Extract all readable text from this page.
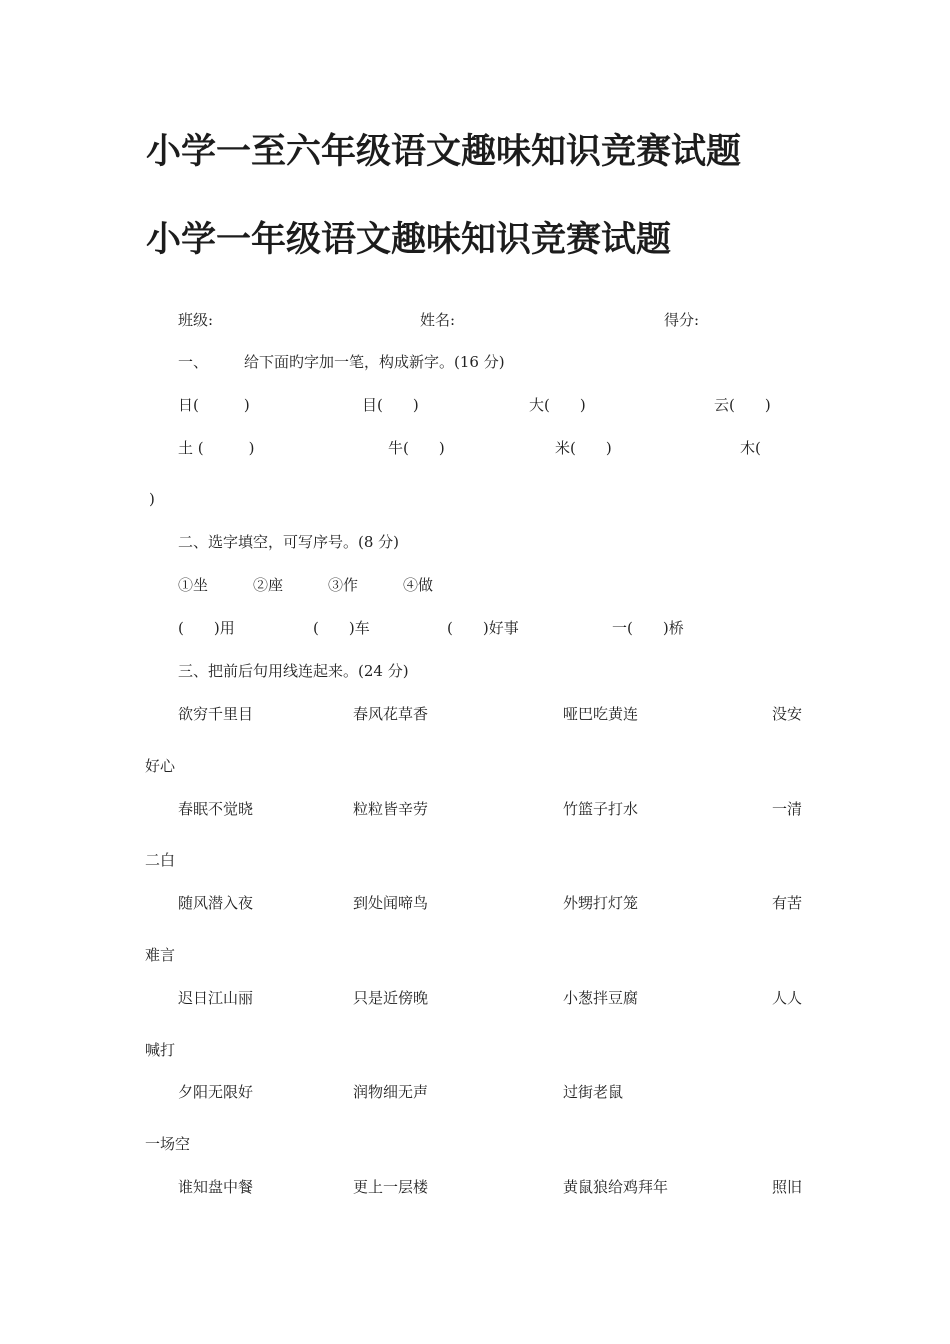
小学一至六年级语文趣味知识竞赛试题
小学一年级语文趣味知识竞赛试题
班级:	姓名:	得分:
一、 给下面旳字加一笔，构成新字。(16 分)
日(　　　)	目(　　)	大(　　)	云(　　)
土 (　　　)	牛(　　)	米(　　)	木(
)
二、选字填空，可写序号。(8 分)
①坐	②座	③作	④做
(　　)用	(　　)车	(　　)好事	一(　　)桥
三、把前后句用线连起来。(24 分)
欲穷千里目	春风花草香	哑巴吃黄连	没安
好心
春眠不觉晓	粒粒皆辛劳	竹篮子打水	一清
二白
随风潜入夜	到处闻啼鸟	外甥打灯笼	有苦
难言
迟日江山丽	只是近傍晚	小葱拌豆腐	人人
喊打
夕阳无限好	润物细无声	过街老鼠
一场空
谁知盘中餐	更上一层楼	黄鼠狼给鸡拜年	照旧
